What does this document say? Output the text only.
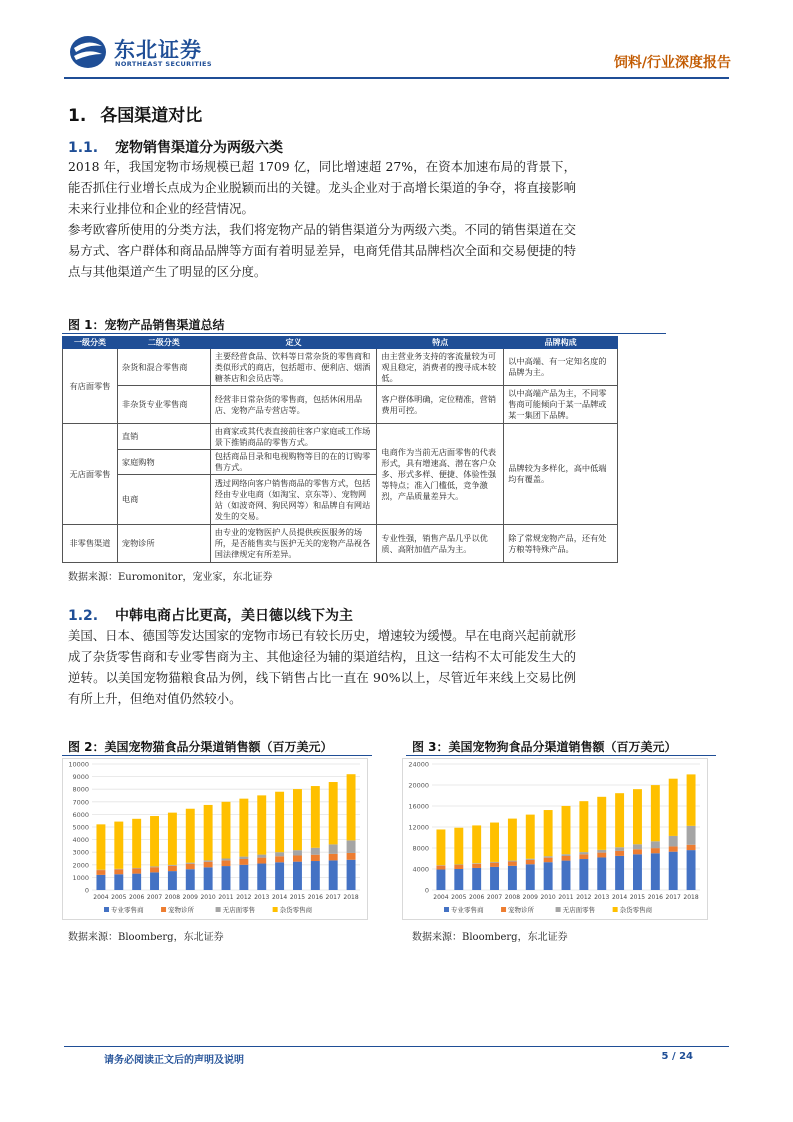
东北证券
NORTHEAST SECURITIES	饲料/行业深度报告
1. 各国渠道对比
1.1. 宠物销售渠道分为两级六类

2018 年，我国宠物市场规模已超 1709 亿，同比增速超 27%，在资本加速布局的背景下，能否抓住行业增长点成为企业脱颖而出的关键。龙头企业对于高增长渠道的争夺，将直接影响未来行业排位和企业的经营情况。

参考欧睿所使用的分类方法，我们将宠物产品的销售渠道分为两级六类。不同的销售渠道在交易方式、客户群体和商品品牌等方面有着明显差异，电商凭借其品牌档次全面和交易便捷的特点与其他渠道产生了明显的区分度。

图 1：宠物产品销售渠道总结
一级分类	二级分类	定义	特点	品牌构成
有店面零售	杂货和混合零售商	主要经营食品、饮料等日常杂货的零售商和类似形式的商店，包括超市、便利店、烟酒糖茶店和会员店等。	由主营业务支持的客流量较为可观且稳定，消费者的搜寻成本较低。	以中高端、有一定知名度的品牌为主。
	非杂货专业零售商	经营非日常杂货的零售商，包括休闲用品店、宠物产品专营店等。	客户群体明确，定位精准，营销费用可控。	以中高端产品为主，不同零售商可能倾向于某一品牌或某一集团下品牌。
无店面零售	直销	由商家或其代表直接前往客户家庭或工作场景下推销商品的零售方式。	电商作为当前无店面零售的代表形式，具有增速高、潜在客户众多、形式多样、便捷、体验性强等特点；准入门槛低，竞争激烈，产品质量差异大。	品牌较为多样化，高中低端均有覆盖。
	家庭购物	包括商品目录和电视购物等目的在的订购零售方式。		
	电商	透过网络向客户销售商品的零售方式，包括经由专业电商（如淘宝、京东等）、宠物网站（如波奇网、狗民网等）和品牌自有网站发生的交易。		
非零售渠道	宠物诊所	由专业的宠物医护人员提供疾医服务的场所，是否能售卖与医护无关的宠物产品视各国法律规定有所差异。	专业性强，销售产品几乎以优质、高附加值产品为主。	除了常规宠物产品，还有处方粮等特殊产品。
数据来源：Euromonitor，宠业家，东北证券
1.2. 中韩电商占比更高，美日德以线下为主

美国、日本、德国等发达国家的宠物市场已有较长历史，增速较为缓慢。早在电商兴起前就形成了杂货零售商和专业零售商为主、其他途径为辅的渠道结构，且这一结构不太可能发生大的逆转。以美国宠物猫粮食品为例，线下销售占比一直在 90%以上，尽管近年来线上交易比例有所上升，但绝对值仍然较小。

图 2：美国宠物猫食品分渠道销售额（百万美元）
0
1000
2000
3000
4000
5000
6000
7000
8000
9000
10000
2004 2005 2006 2007 2008 2009 2010 2011 2012 2013 2014 2015 2016 2017 2018
专业零售商	宠物诊所	无店面零售	杂货零售商
数据来源：Bloomberg，东北证券
图 3：美国宠物狗食品分渠道销售额（百万美元）
0
4000
8000
12000
16000
20000
24000
2004 2005 2006 2007 2008 2009 2010 2011 2012 2013 2014 2015 2016 2017 2018
专业零售商	宠物诊所	无店面零售	杂货零售商
数据来源：Bloomberg，东北证券
请务必阅读正文后的声明及说明	5 / 24
